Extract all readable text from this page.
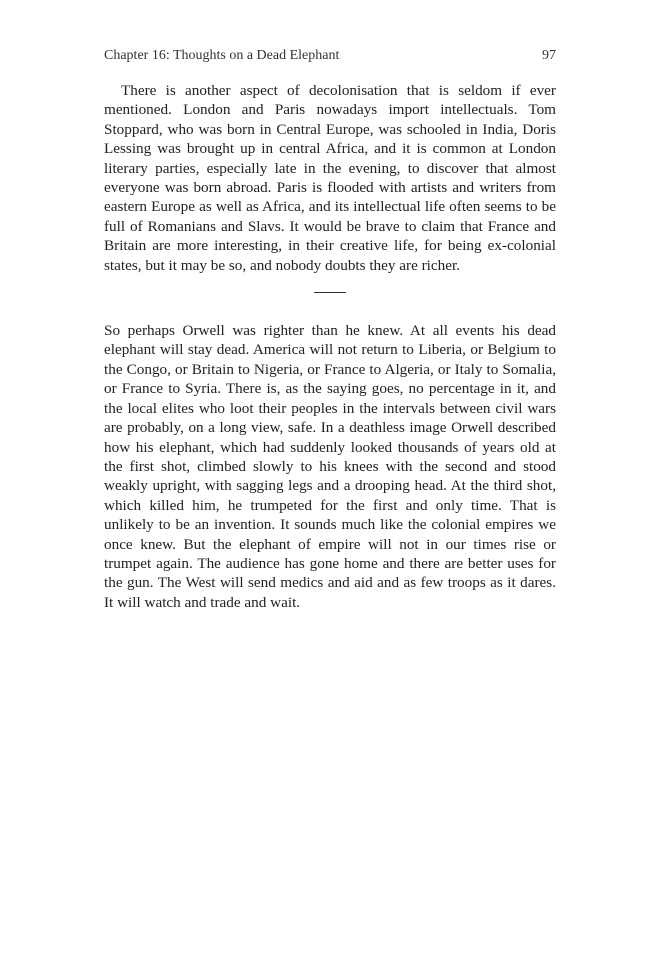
Chapter 16: Thoughts on a Dead Elephant	97

There is another aspect of decolonisation that is seldom if ever mentioned. London and Paris nowadays import intellectuals. Tom Stoppard, who was born in Central Europe, was schooled in India, Doris Lessing was brought up in central Africa, and it is common at London literary parties, especially late in the evening, to discover that almost everyone was born abroad. Paris is flooded with artists and writers from eastern Europe as well as Africa, and its intellectual life often seems to be full of Romanians and Slavs. It would be brave to claim that France and Britain are more interesting, in their creative life, for being ex-colonial states, but it may be so, and nobody doubts they are richer.

So perhaps Orwell was righter than he knew. At all events his dead elephant will stay dead. America will not return to Liberia, or Belgium to the Congo, or Britain to Nigeria, or France to Algeria, or Italy to Somalia, or France to Syria. There is, as the saying goes, no percentage in it, and the local elites who loot their peoples in the intervals between civil wars are probably, on a long view, safe. In a deathless image Orwell described how his elephant, which had suddenly looked thousands of years old at the first shot, climbed slowly to his knees with the second and stood weakly upright, with sagging legs and a drooping head. At the third shot, which killed him, he trumpeted for the first and only time. That is unlikely to be an invention. It sounds much like the colonial empires we once knew. But the elephant of empire will not in our times rise or trumpet again. The audience has gone home and there are better uses for the gun. The West will send medics and aid and as few troops as it dares. It will watch and trade and wait.
